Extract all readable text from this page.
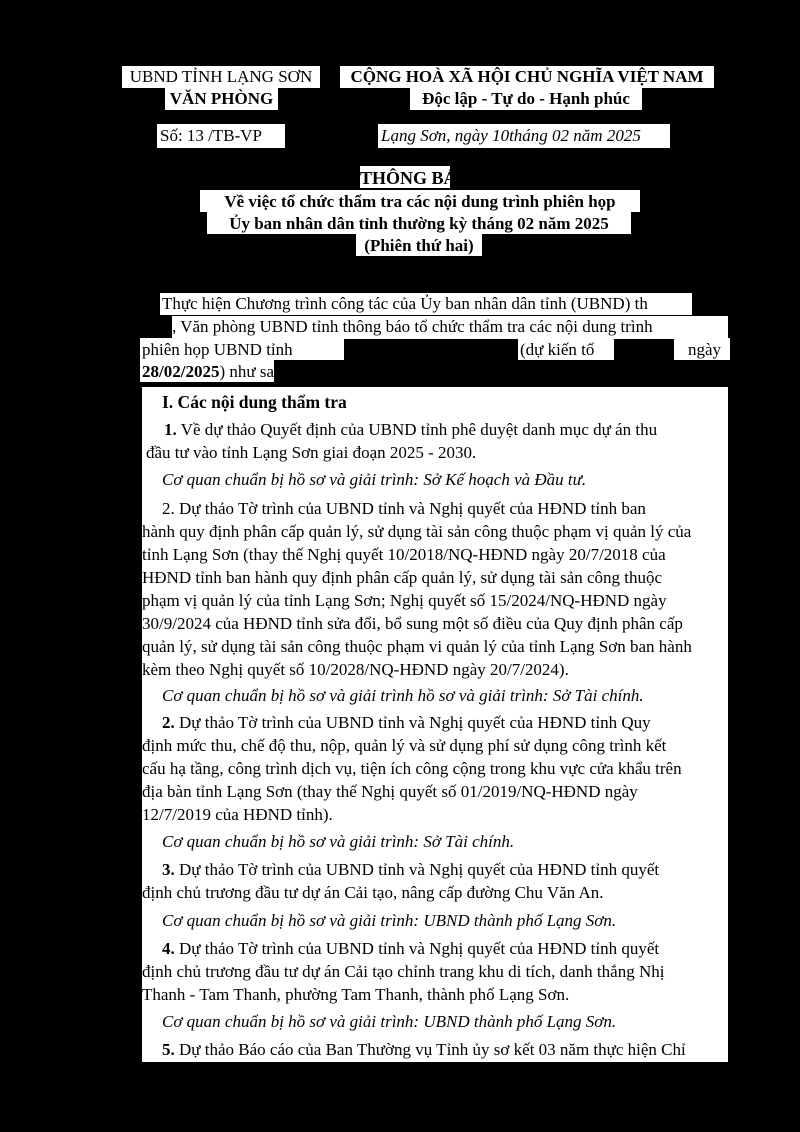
UBND TỈNH LẠNG SƠN
VĂN PHÒNG
CỘNG HOÀ XÃ HỘI CHỦ NGHĨA VIỆT NAM
Độc lập - Tự do - Hạnh phúc
Số: 13 /TB-VP	Lạng Sơn, ngày 10tháng 02 năm 2025
THÔNG BÁO
Về việc tổ chức thẩm tra các nội dung trình phiên họp
Ủy ban nhân dân tỉnh thường kỳ tháng 02 năm 2025
(Phiên thứ hai)
Thực hiện Chương trình công tác của Ủy ban nhân dân tỉnh (UBND) th
, Văn phòng UBND tỉnh thông báo tổ chức thẩm tra các nội dung trình
phiên họp UBND tỉnh	(dự kiến tổ	ngày
28/02/2025) như sau:
I. Các nội dung thẩm tra
1. Về dự thảo Quyết định của UBND tỉnh phê duyệt danh mục dự án thu
hút đầu tư vào tỉnh Lạng Sơn giai đoạn 2025 - 2030.
Cơ quan chuẩn bị hồ sơ và giải trình: Sở Kế hoạch và Đầu tư.
2. Dự thảo Tờ trình của UBND tỉnh và Nghị quyết của HĐND tỉnh ban
hành quy định phân cấp quản lý, sử dụng tài sản công thuộc phạm vị quản lý của
tỉnh Lạng Sơn (thay thế Nghị quyết 10/2018/NQ-HĐND ngày 20/7/2018 của
HĐND tỉnh ban hành quy định phân cấp quản lý, sử dụng tài sản công thuộc
phạm vị quản lý của tỉnh Lạng Sơn; Nghị quyết số 15/2024/NQ-HĐND ngày
30/9/2024 của HĐND tỉnh sửa đổi, bổ sung một số điều của Quy định phân cấp
quản lý, sử dụng tài sản công thuộc phạm vi quản lý của tỉnh Lạng Sơn ban hành
kèm theo Nghị quyết số 10/2028/NQ-HĐND ngày 20/7/2024).
Cơ quan chuẩn bị hồ sơ và giải trình hồ sơ và giải trình: Sở Tài chính.
2. Dự thảo Tờ trình của UBND tỉnh và Nghị quyết của HĐND tỉnh Quy
định mức thu, chế độ thu, nộp, quản lý và sử dụng phí sử dụng công trình kết
cấu hạ tầng, công trình dịch vụ, tiện ích công cộng trong khu vực cửa khẩu trên
địa bàn tỉnh Lạng Sơn (thay thế Nghị quyết số 01/2019/NQ-HĐND ngày
12/7/2019 của HĐND tỉnh).
Cơ quan chuẩn bị hồ sơ và giải trình: Sở Tài chính.
3. Dự thảo Tờ trình của UBND tỉnh và Nghị quyết của HĐND tỉnh quyết
định chủ trương đầu tư dự án Cải tạo, nâng cấp đường Chu Văn An.
Cơ quan chuẩn bị hồ sơ và giải trình: UBND thành phố Lạng Sơn.
4. Dự thảo Tờ trình của UBND tỉnh và Nghị quyết của HĐND tỉnh quyết
định chủ trương đầu tư dự án Cải tạo chỉnh trang khu di tích, danh thắng Nhị
Thanh - Tam Thanh, phường Tam Thanh, thành phố Lạng Sơn.
Cơ quan chuẩn bị hồ sơ và giải trình: UBND thành phố Lạng Sơn.
5. Dự thảo Báo cáo của Ban Thường vụ Tỉnh ủy sơ kết 03 năm thực hiện Chỉ
